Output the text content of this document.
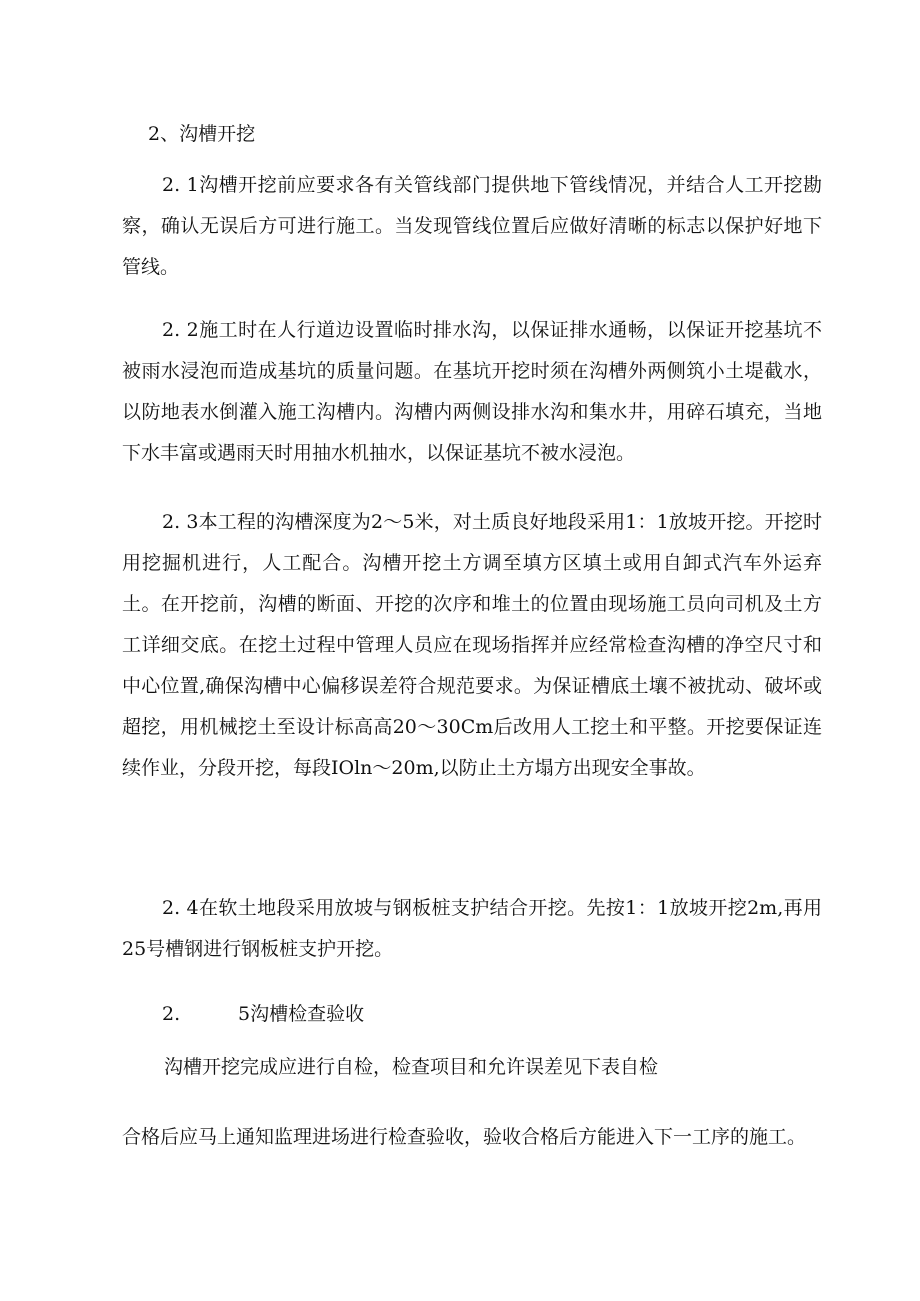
2、沟槽开挖

2. 1沟槽开挖前应要求各有关管线部门提供地下管线情况，并结合人工开挖勘察，确认无误后方可进行施工。当发现管线位置后应做好清晰的标志以保护好地下管线。

2. 2施工时在人行道边设置临时排水沟，以保证排水通畅，以保证开挖基坑不被雨水浸泡而造成基坑的质量问题。在基坑开挖时须在沟槽外两侧筑小土堤截水，以防地表水倒灌入施工沟槽内。沟槽内两侧设排水沟和集水井，用碎石填充，当地下水丰富或遇雨天时用抽水机抽水，以保证基坑不被水浸泡。

2. 3本工程的沟槽深度为2～5米，对土质良好地段采用1：1放坡开挖。开挖时用挖掘机进行，人工配合。沟槽开挖土方调至填方区填土或用自卸式汽车外运弃土。在开挖前，沟槽的断面、开挖的次序和堆土的位置由现场施工员向司机及土方工详细交底。在挖土过程中管理人员应在现场指挥并应经常检查沟槽的净空尺寸和中心位置,确保沟槽中心偏移误差符合规范要求。为保证槽底土壤不被扰动、破坏或超挖，用机械挖土至设计标高高20～30Cm后改用人工挖土和平整。开挖要保证连续作业，分段开挖，每段IOln～20m,以防止土方塌方出现安全事故。

2. 4在软土地段采用放坡与钢板桩支护结合开挖。先按1：1放坡开挖2m,再用25号槽钢进行钢板桩支护开挖。

2.	5沟槽检查验收
沟槽开挖完成应进行自检，检查项目和允许误差见下表自检

合格后应马上通知监理进场进行检查验收，验收合格后方能进入下一工序的施工。
